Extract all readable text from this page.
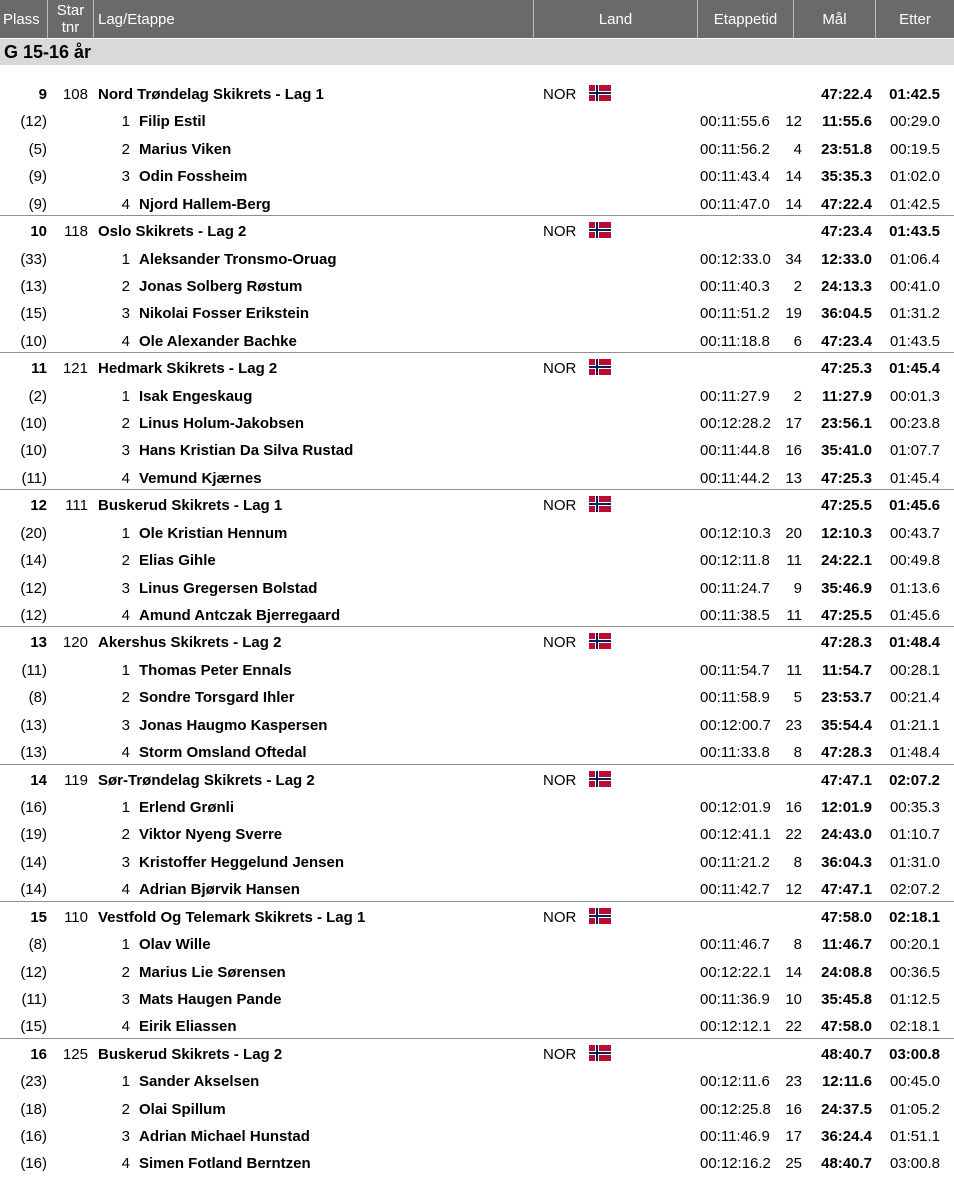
Plass	Star
tnr Lag/Etappe	Land	Etappetid	Mål	Etter
G 15-16 år
9 108 Nord Trøndelag Skikrets - Lag 1	NOR	47:22.4 01:42.5
(12)	1 Filip Estil	00:11:55.6 12 11:55.6 00:29.0
(5)	2 Marius Viken	00:11:56.2 4 23:51.8 00:19.5
(9)	3 Odin Fossheim	00:11:43.4 14 35:35.3 01:02.0
(9)	4 Njord Hallem-Berg	00:11:47.0 14 47:22.4 01:42.5
10 118 Oslo Skikrets - Lag 2	NOR	47:23.4 01:43.5
(33)	1 Aleksander Tronsmo-Oruag	00:12:33.0 34 12:33.0 01:06.4
(13)	2 Jonas Solberg Røstum	00:11:40.3 2 24:13.3 00:41.0
(15)	3 Nikolai Fosser Erikstein	00:11:51.2 19 36:04.5 01:31.2
(10)	4 Ole Alexander Bachke	00:11:18.8 6 47:23.4 01:43.5
11 121 Hedmark Skikrets - Lag 2	NOR	47:25.3 01:45.4
(2)	1 Isak Engeskaug	00:11:27.9 2 11:27.9 00:01.3
(10)	2 Linus Holum-Jakobsen	00:12:28.2 17 23:56.1 00:23.8
(10)	3 Hans Kristian Da Silva Rustad	00:11:44.8 16 35:41.0 01:07.7
(11)	4 Vemund Kjærnes	00:11:44.2 13 47:25.3 01:45.4
12 111 Buskerud Skikrets - Lag 1	NOR	47:25.5 01:45.6
(20)	1 Ole Kristian Hennum	00:12:10.3 20 12:10.3 00:43.7
(14)	2 Elias Gihle	00:12:11.8 11 24:22.1 00:49.8
(12)	3 Linus Gregersen Bolstad	00:11:24.7 9 35:46.9 01:13.6
(12)	4 Amund Antczak Bjerregaard	00:11:38.5 11 47:25.5 01:45.6
13 120 Akershus Skikrets - Lag 2	NOR	47:28.3 01:48.4
(11)	1 Thomas Peter Ennals	00:11:54.7 11 11:54.7 00:28.1
(8)	2 Sondre Torsgard Ihler	00:11:58.9 5 23:53.7 00:21.4
(13)	3 Jonas Haugmo Kaspersen	00:12:00.7 23 35:54.4 01:21.1
(13)	4 Storm Omsland Oftedal	00:11:33.8 8 47:28.3 01:48.4
14 119 Sør-Trøndelag Skikrets - Lag 2	NOR	47:47.1 02:07.2
(16)	1 Erlend Grønli	00:12:01.9 16 12:01.9 00:35.3
(19)	2 Viktor Nyeng Sverre	00:12:41.1 22 24:43.0 01:10.7
(14)	3 Kristoffer Heggelund Jensen	00:11:21.2 8 36:04.3 01:31.0
(14)	4 Adrian Bjørvik Hansen	00:11:42.7 12 47:47.1 02:07.2
15 110 Vestfold Og Telemark Skikrets - Lag 1	NOR	47:58.0 02:18.1
(8)	1 Olav Wille	00:11:46.7 8 11:46.7 00:20.1
(12)	2 Marius Lie Sørensen	00:12:22.1 14 24:08.8 00:36.5
(11)	3 Mats Haugen Pande	00:11:36.9 10 35:45.8 01:12.5
(15)	4 Eirik Eliassen	00:12:12.1 22 47:58.0 02:18.1
16 125 Buskerud Skikrets - Lag 2	NOR	48:40.7 03:00.8
(23)	1 Sander Akselsen	00:12:11.6 23 12:11.6 00:45.0
(18)	2 Olai Spillum	00:12:25.8 16 24:37.5 01:05.2
(16)	3 Adrian Michael Hunstad	00:11:46.9 17 36:24.4 01:51.1
(16)	4 Simen Fotland Berntzen	00:12:16.2 25 48:40.7 03:00.8
